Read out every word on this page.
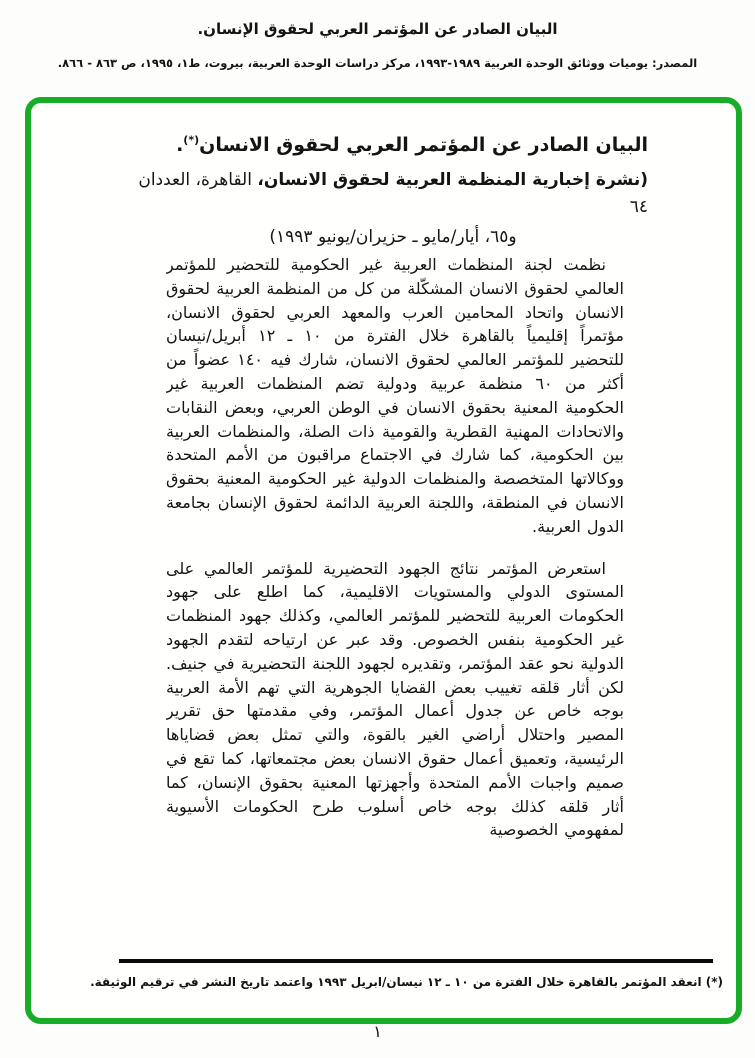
البيان الصادر عن المؤتمر العربي لحقوق الإنسان.
المصدر: يوميات ووثائق الوحدة العربية ١٩٨٩-١٩٩٣، مركز دراسات الوحدة العربية، بيروت، ط١، ١٩٩٥، ص ٨٦٣ - ٨٦٦.
البيان الصادر عن المؤتمر العربي لحقوق الانسان(*).
(نشرة إخبارية المنظمة العربية لحقوق الانسان، القاهرة، العددان ٦٤
و٦٥، أيار/مايو ـ حزيران/يونيو ١٩٩٣)

نظمت لجنة المنظمات العربية غير الحكومية للتحضير للمؤتمر العالمي لحقوق الانسان المشكّلة من كل من المنظمة العربية لحقوق الانسان واتحاد المحامين العرب والمعهد العربي لحقوق الانسان، مؤتمراً إقليمياً بالقاهرة خلال الفترة من ١٠ ـ ١٢ أبريل/نيسان للتحضير للمؤتمر العالمي لحقوق الانسان، شارك فيه ١٤٠ عضواً من أكثر من ٦٠ منظمة عربية ودولية تضم المنظمات العربية غير الحكومية المعنية بحقوق الانسان في الوطن العربي، وبعض النقابات والاتحادات المهنية القطرية والقومية ذات الصلة، والمنظمات العربية بين الحكومية، كما شارك في الاجتماع مراقبون من الأمم المتحدة ووكالاتها المتخصصة والمنظمات الدولية غير الحكومية المعنية بحقوق الانسان في المنطقة، واللجنة العربية الدائمة لحقوق الإنسان بجامعة الدول العربية.

استعرض المؤتمر نتائج الجهود التحضيرية للمؤتمر العالمي على المستوى الدولي والمستويات الاقليمية، كما اطلع على جهود الحكومات العربية للتحضير للمؤتمر العالمي، وكذلك جهود المنظمات غير الحكومية بنفس الخصوص. وقد عبر عن ارتياحه لتقدم الجهود الدولية نحو عقد المؤتمر، وتقديره لجهود اللجنة التحضيرية في جنيف. لكن أثار قلقه تغييب بعض القضايا الجوهرية التي تهم الأمة العربية بوجه خاص عن جدول أعمال المؤتمر، وفي مقدمتها حق تقرير المصير واحتلال أراضي الغير بالقوة، والتي تمثل بعض قضاياها الرئيسية، وتعميق أعمال حقوق الانسان بعض مجتمعاتها، كما تقع في صميم واجبات الأمم المتحدة وأجهزتها المعنية بحقوق الإنسان، كما أثار قلقه كذلك بوجه خاص أسلوب طرح الحكومات الأسيوية لمفهومي الخصوصية

(*) انعقد المؤتمر بالقاهرة خلال الفترة من ١٠ ـ ١٢ نيسان/ابريل ١٩٩٣ واعتمد تاريخ النشر في ترقيم الوثيقة.
١
